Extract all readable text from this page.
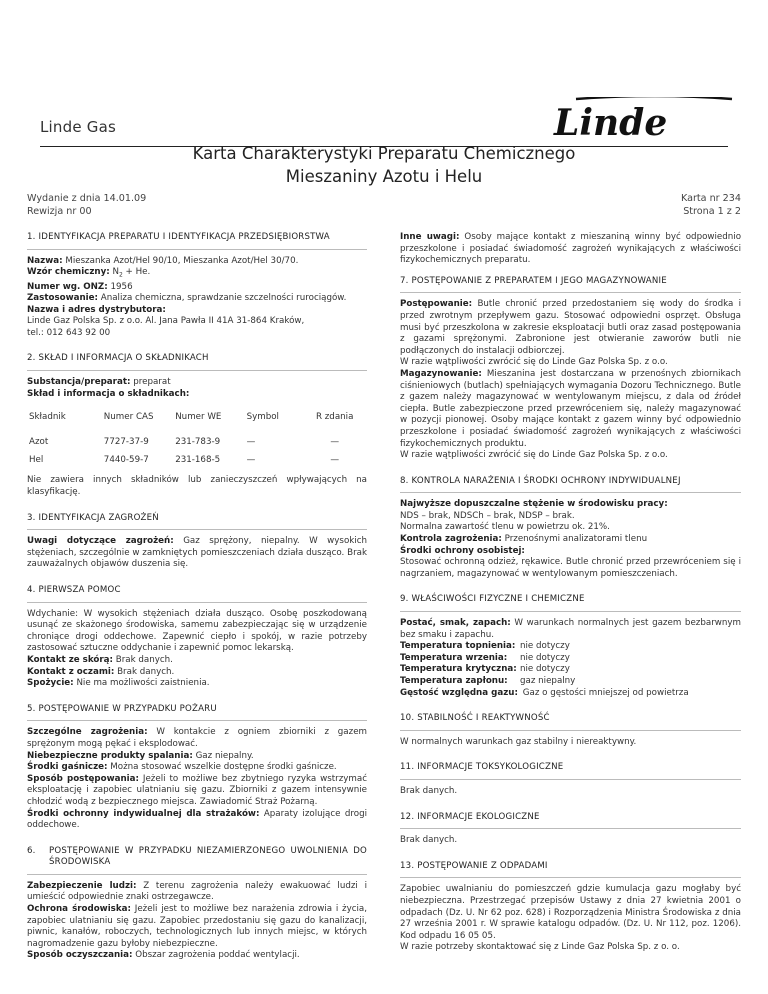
Linde Gas	Linde
Karta Charakterystyki Preparatu Chemicznego
Mieszaniny Azotu i Helu
Wydanie z dnia 14.01.09
Rewizja nr 00
Karta nr 234
Strona 1 z 2
1. IDENTYFIKACJA PREPARATU I IDENTYFIKACJA PRZEDSIĘBIORSTWA

Nazwa: Mieszanka Azot/Hel 90/10, Mieszanka Azot/Hel 30/70.

Wzór chemiczny: $N_2 + He$.

Numer wg. ONZ: 1956

Zastosowanie: Analiza chemiczna, sprawdzanie szczelności rurociągów.

Nazwa i adres dystrybutora:

Linde Gaz Polska Sp. z o.o. Al. Jana Pawła II 41A 31-864 Kraków,

tel.: 012 643 92 00

2. SKŁAD I INFORMACJA O SKŁADNIKACH

Substancja/preparat: preparat

Skład i informacja o składnikach:

Składnik	Numer CAS	Numer WE	Symbol	R zdania
Azot	7727-37-9	231-783-9	—	—
Hel	7440-59-7	231-168-5	—	—

Nie zawiera innych składników lub zanieczyszczeń wpływających na klasyfikację.

3. IDENTYFIKACJA ZAGROŻEŃ

Uwagi dotyczące zagrożeń: Gaz sprężony, niepalny. W wysokich stężeniach, szczególnie w zamkniętych pomieszczeniach działa dusząco. Brak zauważalnych objawów duszenia się.

4. PIERWSZA POMOC

Wdychanie: W wysokich stężeniach działa dusząco. Osobę poszkodowaną usunąć ze skażonego środowiska, samemu zabezpieczając się w urządzenie chroniące drogi oddechowe. Zapewnić ciepło i spokój, w razie potrzeby zastosować sztuczne oddychanie i zapewnić pomoc lekarską.

Kontakt ze skórą: Brak danych.

Kontakt z oczami: Brak danych.

Spożycie: Nie ma możliwości zaistnienia.

5. POSTĘPOWANIE W PRZYPADKU POŻARU

Szczególne zagrożenia: W kontakcie z ogniem zbiorniki z gazem sprężonym mogą pękać i eksplodować.

Niebezpieczne produkty spalania: Gaz niepalny.

Środki gaśnicze: Można stosować wszelkie dostępne środki gaśnicze.

Sposób postępowania: Jeżeli to możliwe bez zbytniego ryzyka wstrzymać eksploatację i zapobiec ulatnianiu się gazu. Zbiorniki z gazem intensywnie chłodzić wodą z bezpiecznego miejsca. Zawiadomić Straż Pożarną.

Środki ochronny indywidualnej dla strażaków: Aparaty izolujące drogi oddechowe.

6.	POSTĘPOWANIE W PRZYPADKU NIEZAMIERZONEGO UWOLNIENIA DO ŚRODOWISKA

Zabezpieczenie ludzi: Z terenu zagrożenia należy ewakuować ludzi i umieścić odpowiednie znaki ostrzegawcze.

Ochrona środowiska: Jeżeli jest to możliwe bez narażenia zdrowia i życia, zapobiec ulatnianiu się gazu. Zapobiec przedostaniu się gazu do kanalizacji, piwnic, kanałów, roboczych, technologicznych lub innych miejsc, w których nagromadzenie gazu byłoby niebezpieczne.

Sposób oczyszczania: Obszar zagrożenia poddać wentylacji.

Inne uwagi: Osoby mające kontakt z mieszaniną winny być odpowiednio przeszkolone i posiadać świadomość zagrożeń wynikających z właściwości fizykochemicznych preparatu.

7. POSTĘPOWANIE Z PREPARATEM I JEGO MAGAZYNOWANIE

Postępowanie: Butle chronić przed przedostaniem się wody do środka i przed zwrotnym przepływem gazu. Stosować odpowiedni osprzęt. Obsługa musi być przeszkolona w zakresie eksploatacji butli oraz zasad postępowania z gazami sprężonymi. Zabronione jest otwieranie zaworów butli nie podłączonych do instalacji odbiorczej.

W razie wątpliwości zwrócić się do Linde Gaz Polska Sp. z o.o.

Magazynowanie: Mieszanina jest dostarczana w przenośnych zbiornikach ciśnieniowych (butlach) spełniających wymagania Dozoru Technicznego. Butle z gazem należy magazynować w wentylowanym miejscu, z dala od źródeł ciepła. Butle zabezpieczone przed przewróceniem się, należy magazynować w pozycji pionowej. Osoby mające kontakt z gazem winny być odpowiednio przeszkolone i posiadać świadomość zagrożeń wynikających z właściwości fizykochemicznych produktu.

W razie wątpliwości zwrócić się do Linde Gaz Polska Sp. z o.o.

8. KONTROLA NARAŻENIA I ŚRODKI OCHRONY INDYWIDUALNEJ

Najwyższe dopuszczalne stężenie w środowisku pracy:

NDS – brak, NDSCh – brak, NDSP – brak.

Normalna zawartość tlenu w powietrzu ok. 21%.

Kontrola zagrożenia: Przenośnymi analizatorami tlenu

Środki ochrony osobistej:

Stosować ochronną odzież, rękawice. Butle chronić przed przewróceniem się i nagrzaniem, magazynować w wentylowanym pomieszczeniach.

9. WŁAŚCIWOŚCI FIZYCZNE I CHEMICZNE

Postać, smak, zapach: W warunkach normalnych jest gazem bezbarwnym bez smaku i zapachu.

Temperatura topnienia: nie dotyczy
Temperatura wrzenia:	nie dotyczy
Temperatura krytyczna: nie dotyczy
Temperatura zapłonu:	gaz niepalny
Gęstość względna gazu: Gaz o gęstości mniejszej od powietrza
10. STABILNOŚĆ I REAKTYWNOŚĆ

W normalnych warunkach gaz stabilny i niereaktywny.

11. INFORMACJE TOKSYKOLOGICZNE

Brak danych.

12. INFORMACJE EKOLOGICZNE

Brak danych.

13. POSTĘPOWANIE Z ODPADAMI

Zapobiec uwalnianiu do pomieszczeń gdzie kumulacja gazu mogłaby być niebezpieczna. Przestrzegać przepisów Ustawy z dnia 27 kwietnia 2001 o odpadach (Dz. U. Nr 62 poz. 628) i Rozporządzenia Ministra Środowiska z dnia 27 września 2001 r. W sprawie katalogu odpadów. (Dz. U. Nr 112, poz. 1206). Kod odpadu 16 05 05.

W razie potrzeby skontaktować się z Linde Gaz Polska Sp. z o. o.
